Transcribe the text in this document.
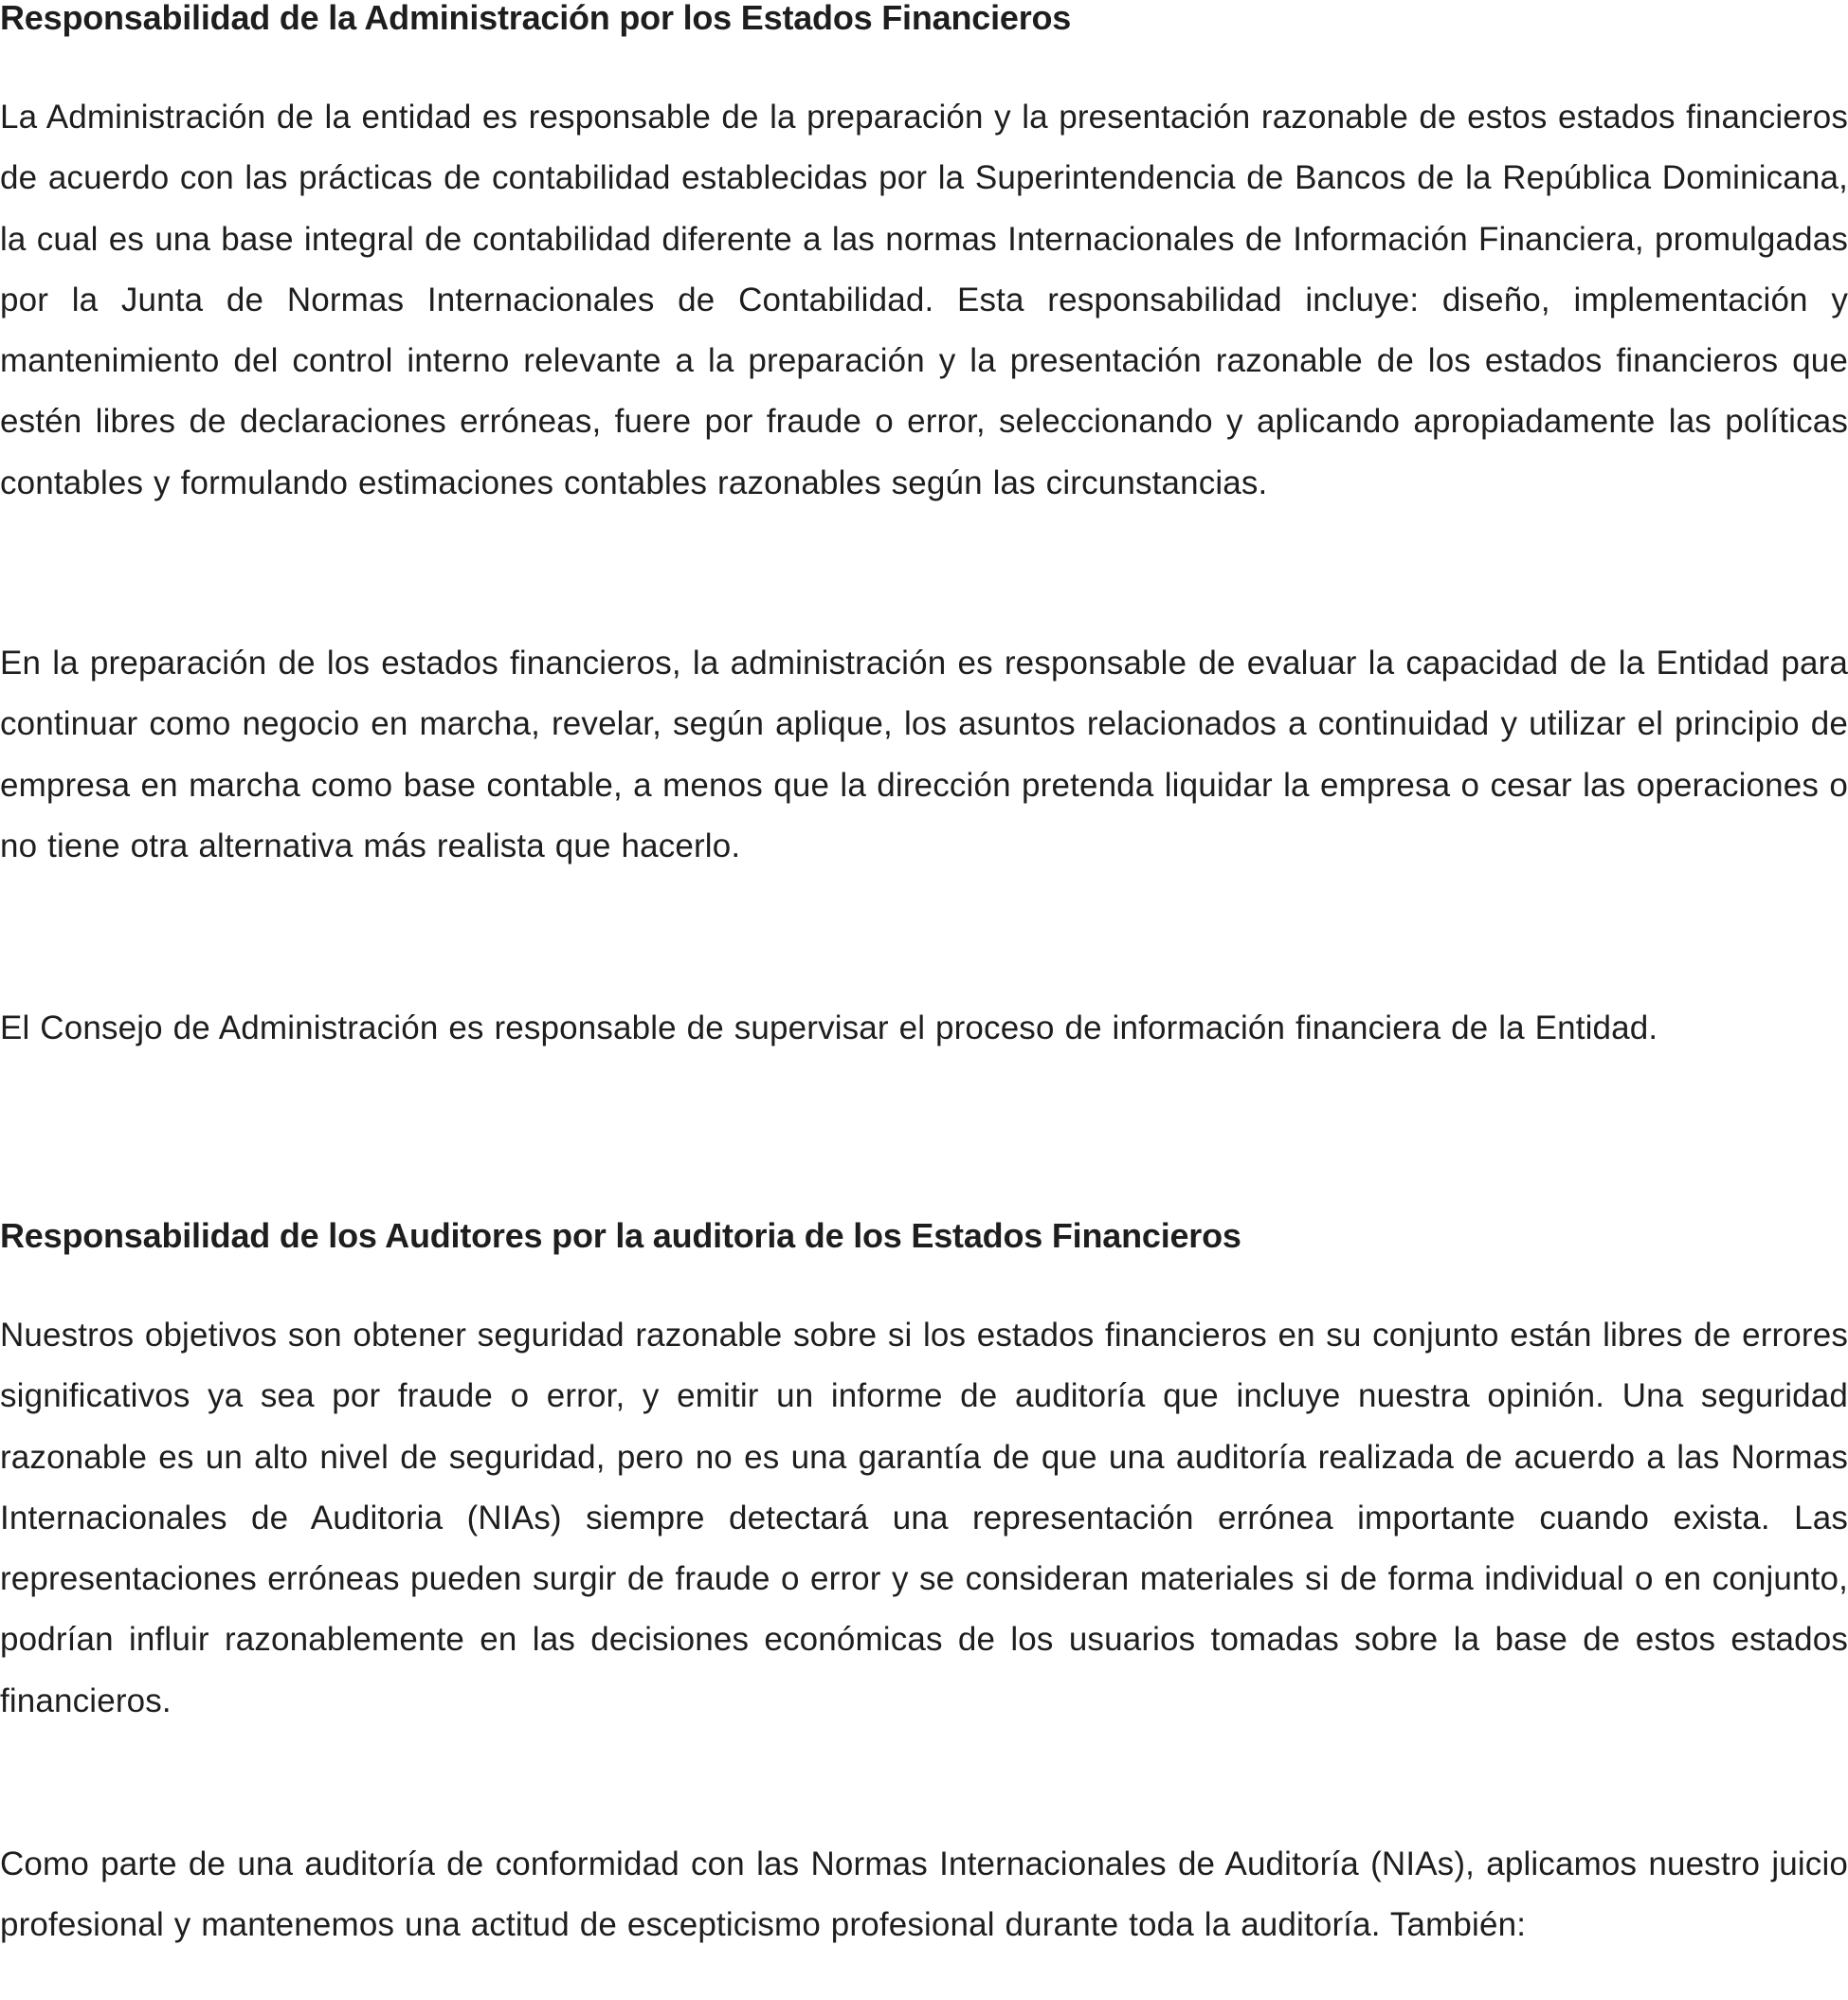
Responsabilidad de la Administración por los Estados Financieros

La Administración de la entidad es responsable de la preparación y la presentación razonable de estos estados financieros de acuerdo con las prácticas de contabilidad establecidas por la Superintendencia de Bancos de la República Dominicana, la cual es una base integral de contabilidad diferente a las normas Internacionales de Información Financiera, promulgadas por la Junta de Normas Internacionales de Contabilidad. Esta responsabilidad incluye: diseño, implementación y mantenimiento del control interno relevante a la preparación y la presentación razonable de los estados financieros que estén libres de declaraciones erróneas, fuere por fraude o error, seleccionando y aplicando apropiadamente las políticas contables y formulando estimaciones contables razonables según las circunstancias.

En la preparación de los estados financieros, la administración es responsable de evaluar la capacidad de la Entidad para continuar como negocio en marcha, revelar, según aplique, los asuntos relacionados a continuidad y utilizar el principio de empresa en marcha como base contable, a menos que la dirección pretenda liquidar la empresa o cesar las operaciones o no tiene otra alternativa más realista que hacerlo.

El Consejo de Administración es responsable de supervisar el proceso de información financiera de la Entidad.

Responsabilidad de los Auditores por la auditoria de los Estados Financieros

Nuestros objetivos son obtener seguridad razonable sobre si los estados financieros en su conjunto están libres de errores significativos ya sea por fraude o error, y emitir un informe de auditoría que incluye nuestra opinión. Una seguridad razonable es un alto nivel de seguridad, pero no es una garantía de que una auditoría realizada de acuerdo a las Normas Internacionales de Auditoria (NIAs) siempre detectará una representación errónea importante cuando exista. Las representaciones erróneas pueden surgir de fraude o error y se consideran materiales si de forma individual o en conjunto, podrían influir razonablemente en las decisiones económicas de los usuarios tomadas sobre la base de estos estados financieros.

Como parte de una auditoría de conformidad con las Normas Internacionales de Auditoría (NIAs), aplicamos nuestro juicio profesional y mantenemos una actitud de escepticismo profesional durante toda la auditoría. También:
